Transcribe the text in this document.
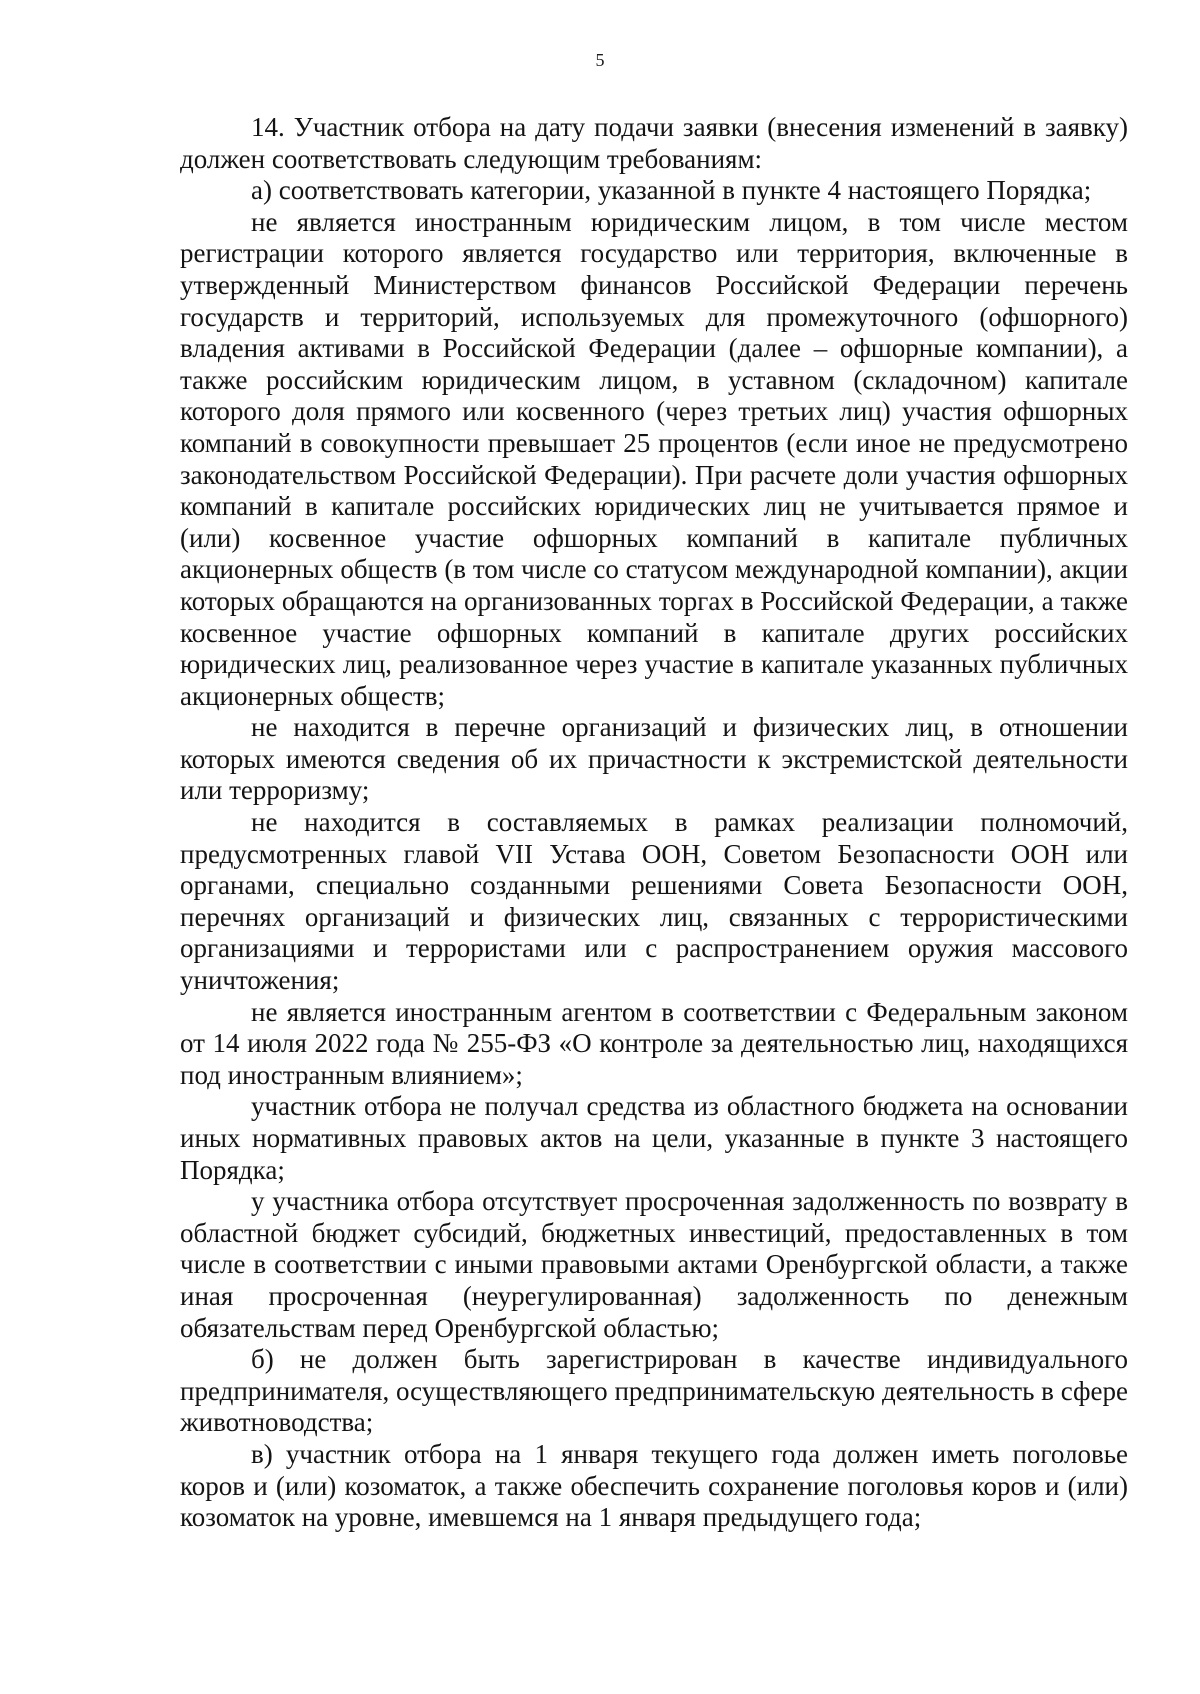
5

14. Участник отбора на дату подачи заявки (внесения изменений в заявку) должен соответствовать следующим требованиям:

а) соответствовать категории, указанной в пункте 4 настоящего Порядка;

не является иностранным юридическим лицом, в том числе местом регистрации которого является государство или территория, включенные в утвержденный Министерством финансов Российской Федерации перечень государств и территорий, используемых для промежуточного (офшорного) владения активами в Российской Федерации (далее – офшорные компании), а также российским юридическим лицом, в уставном (складочном) капитале которого доля прямого или косвенного (через третьих лиц) участия офшорных компаний в совокупности превышает 25 процентов (если иное не предусмотрено законодательством Российской Федерации). При расчете доли участия офшорных компаний в капитале российских юридических лиц не учитывается прямое и (или) косвенное участие офшорных компаний в капитале публичных акционерных обществ (в том числе со статусом международной компании), акции которых обращаются на организованных торгах в Российской Федерации, а также косвенное участие офшорных компаний в капитале других российских юридических лиц, реализованное через участие в капитале указанных публичных акционерных обществ;

не находится в перечне организаций и физических лиц, в отношении которых имеются сведения об их причастности к экстремистской деятельности или терроризму;

не находится в составляемых в рамках реализации полномочий, предусмотренных главой VII Устава ООН, Советом Безопасности ООН или органами, специально созданными решениями Совета Безопасности ООН, перечнях организаций и физических лиц, связанных с террористическими организациями и террористами или с распространением оружия массового уничтожения;

не является иностранным агентом в соответствии с Федеральным законом от 14 июля 2022 года № 255-ФЗ «О контроле за деятельностью лиц, находящихся под иностранным влиянием»;

участник отбора не получал средства из областного бюджета на основании иных нормативных правовых актов на цели, указанные в пункте 3 настоящего Порядка;

у участника отбора отсутствует просроченная задолженность по возврату в областной бюджет субсидий, бюджетных инвестиций, предоставленных в том числе в соответствии с иными правовыми актами Оренбургской области, а также иная просроченная (неурегулированная) задолженность по денежным обязательствам перед Оренбургской областью;

б) не должен быть зарегистрирован в качестве индивидуального предпринимателя, осуществляющего предпринимательскую деятельность в сфере животноводства;

в) участник отбора на 1 января текущего года должен иметь поголовье коров и (или) козоматок, а также обеспечить сохранение поголовья коров и (или) козоматок на уровне, имевшемся на 1 января предыдущего года;
